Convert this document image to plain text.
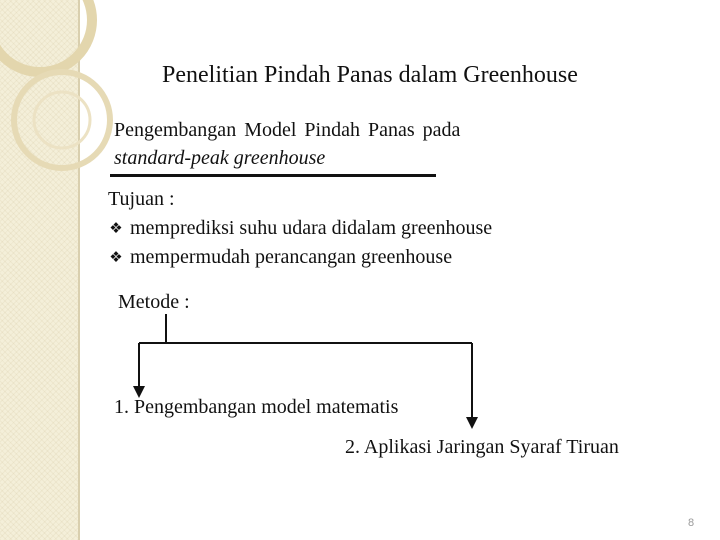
Penelitian Pindah Panas dalam Greenhouse
Pengembangan Model Pindah Panas pada
standard-peak greenhouse
Tujuan :
❖ memprediksi suhu udara didalam greenhouse
❖ mempermudah perancangan greenhouse
Metode :
1. Pengembangan model matematis
2. Aplikasi Jaringan Syaraf Tiruan
8
